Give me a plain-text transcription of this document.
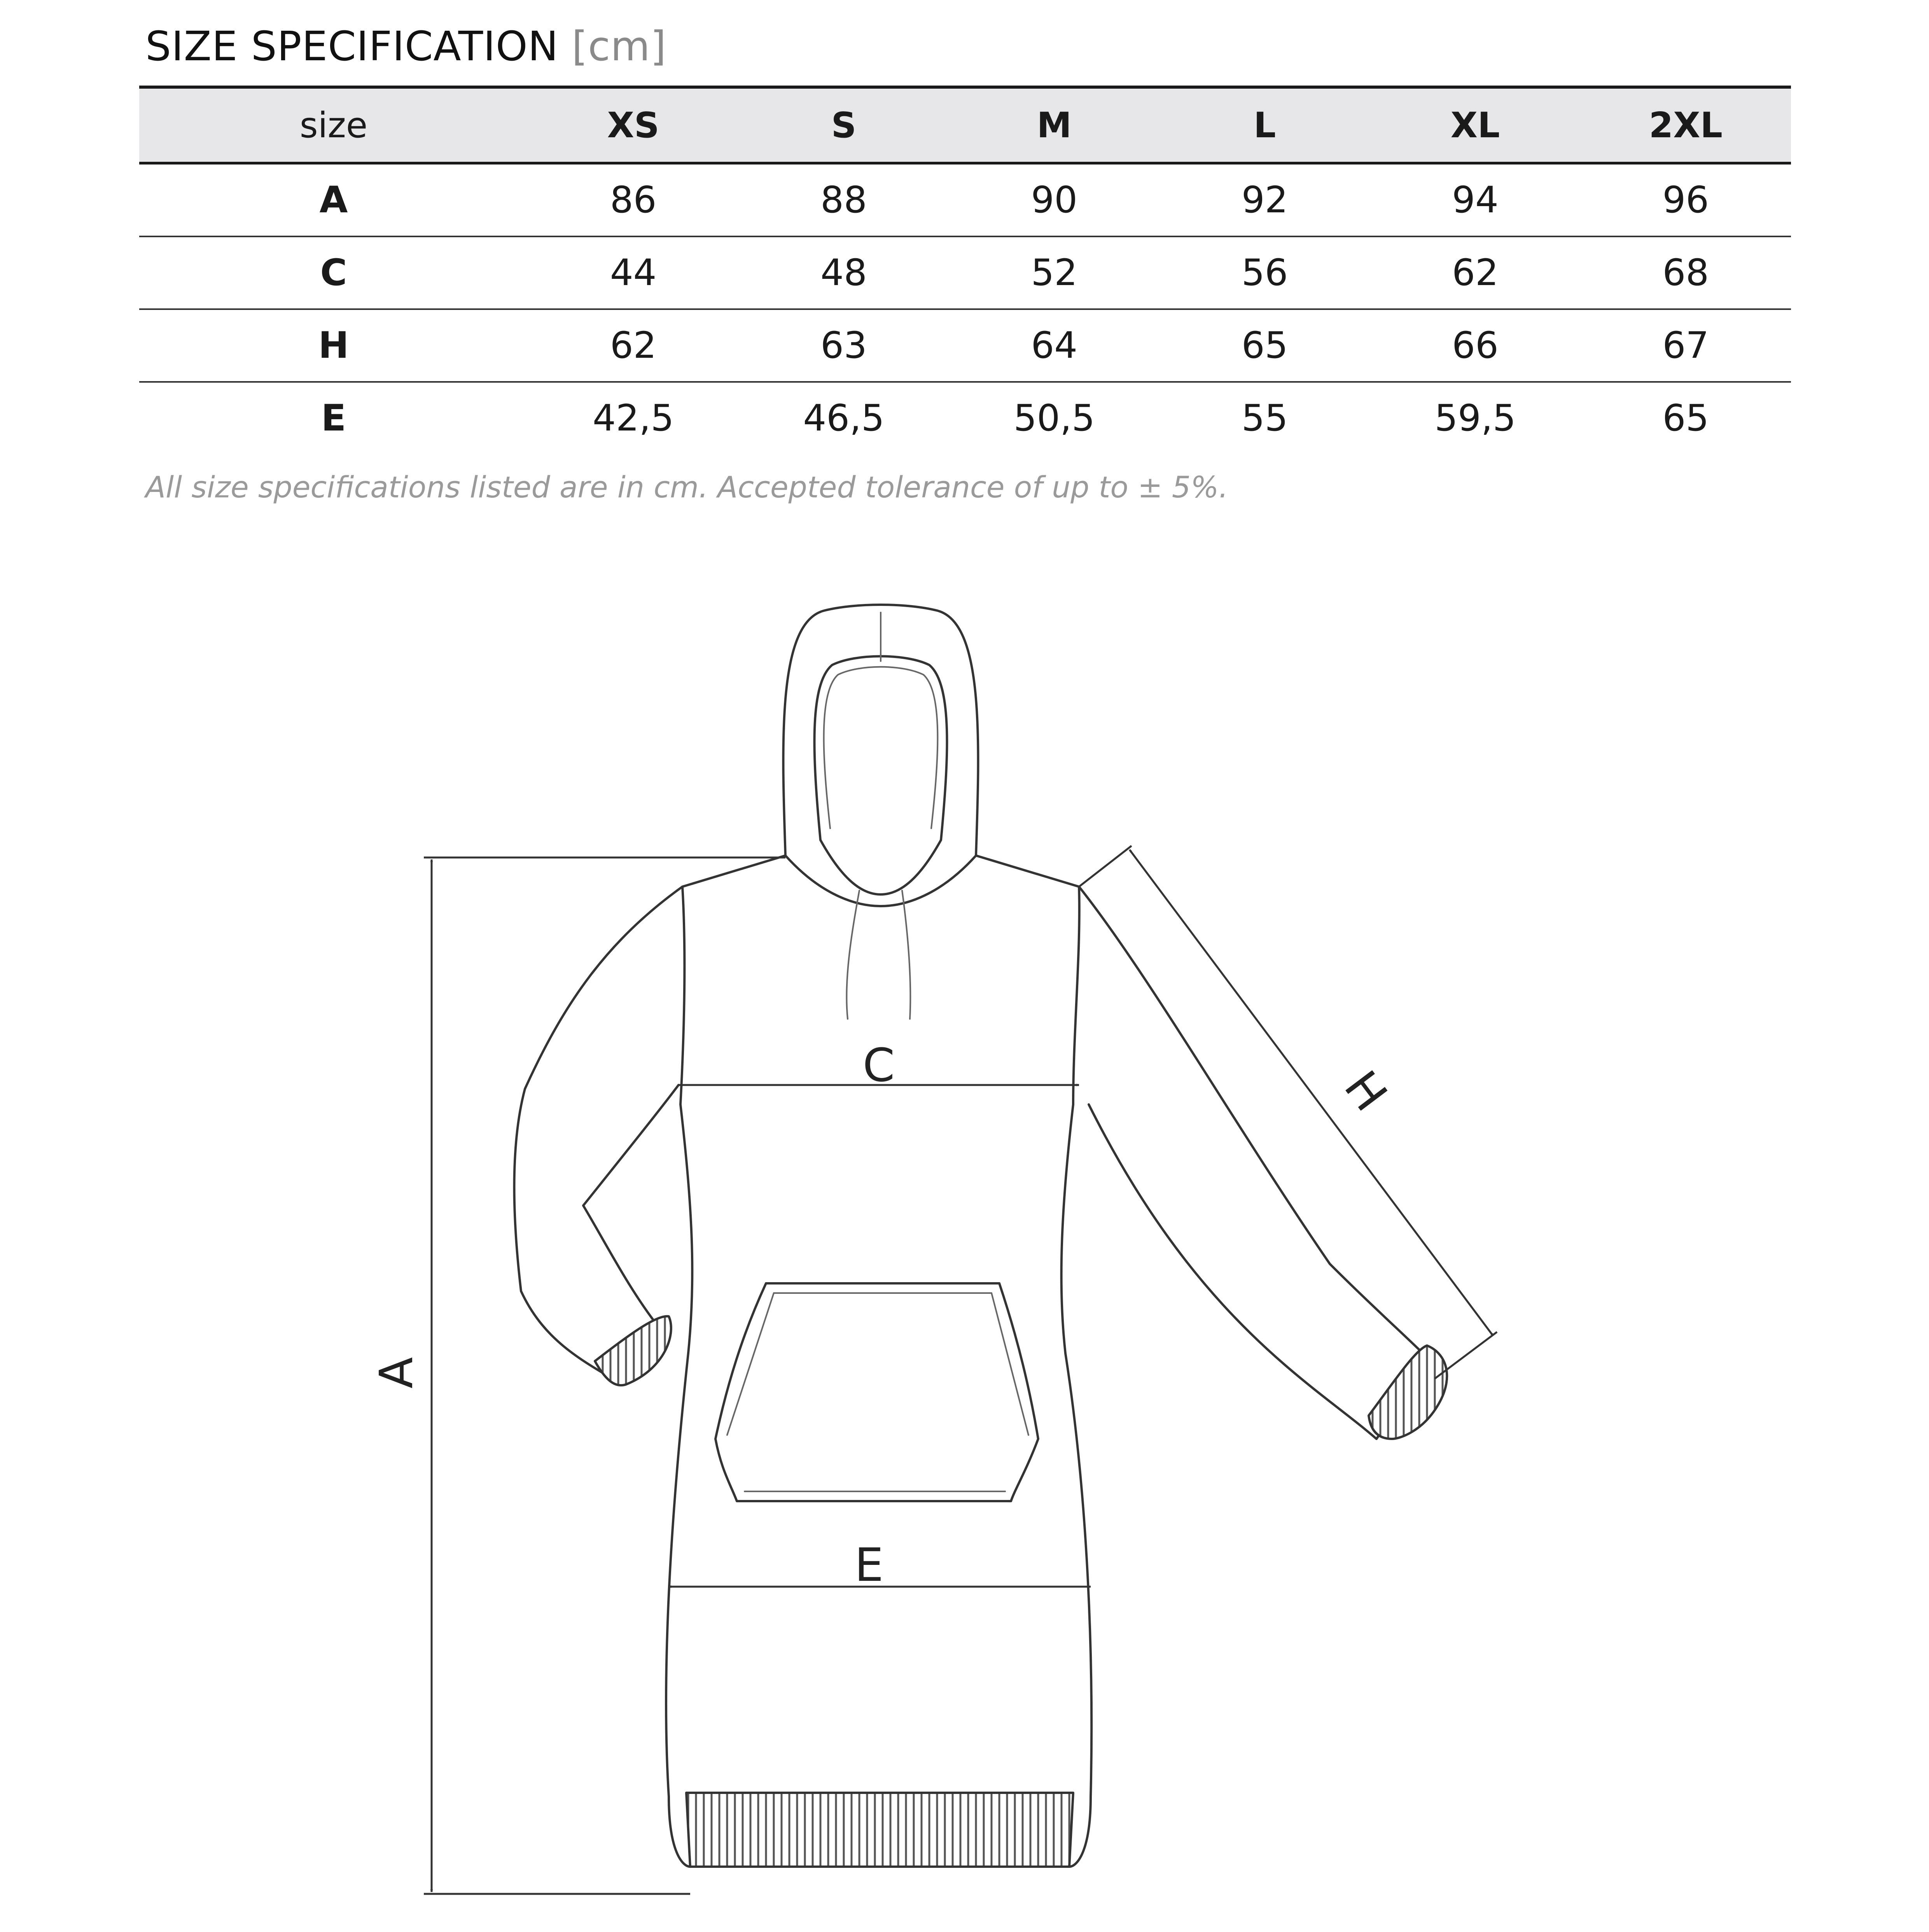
SIZE SPECIFICATION [cm]
size	XS	S	M	L	XL	2XL
A	86	88	90	92	94	96
C	44	48	52	56	62	68
H	62	63	64	65	66	67
E	42,5	46,5	50,5	55	59,5	65

All size specifications listed are in cm. Accepted tolerance of up to ± 5%.

C
E
A
H
